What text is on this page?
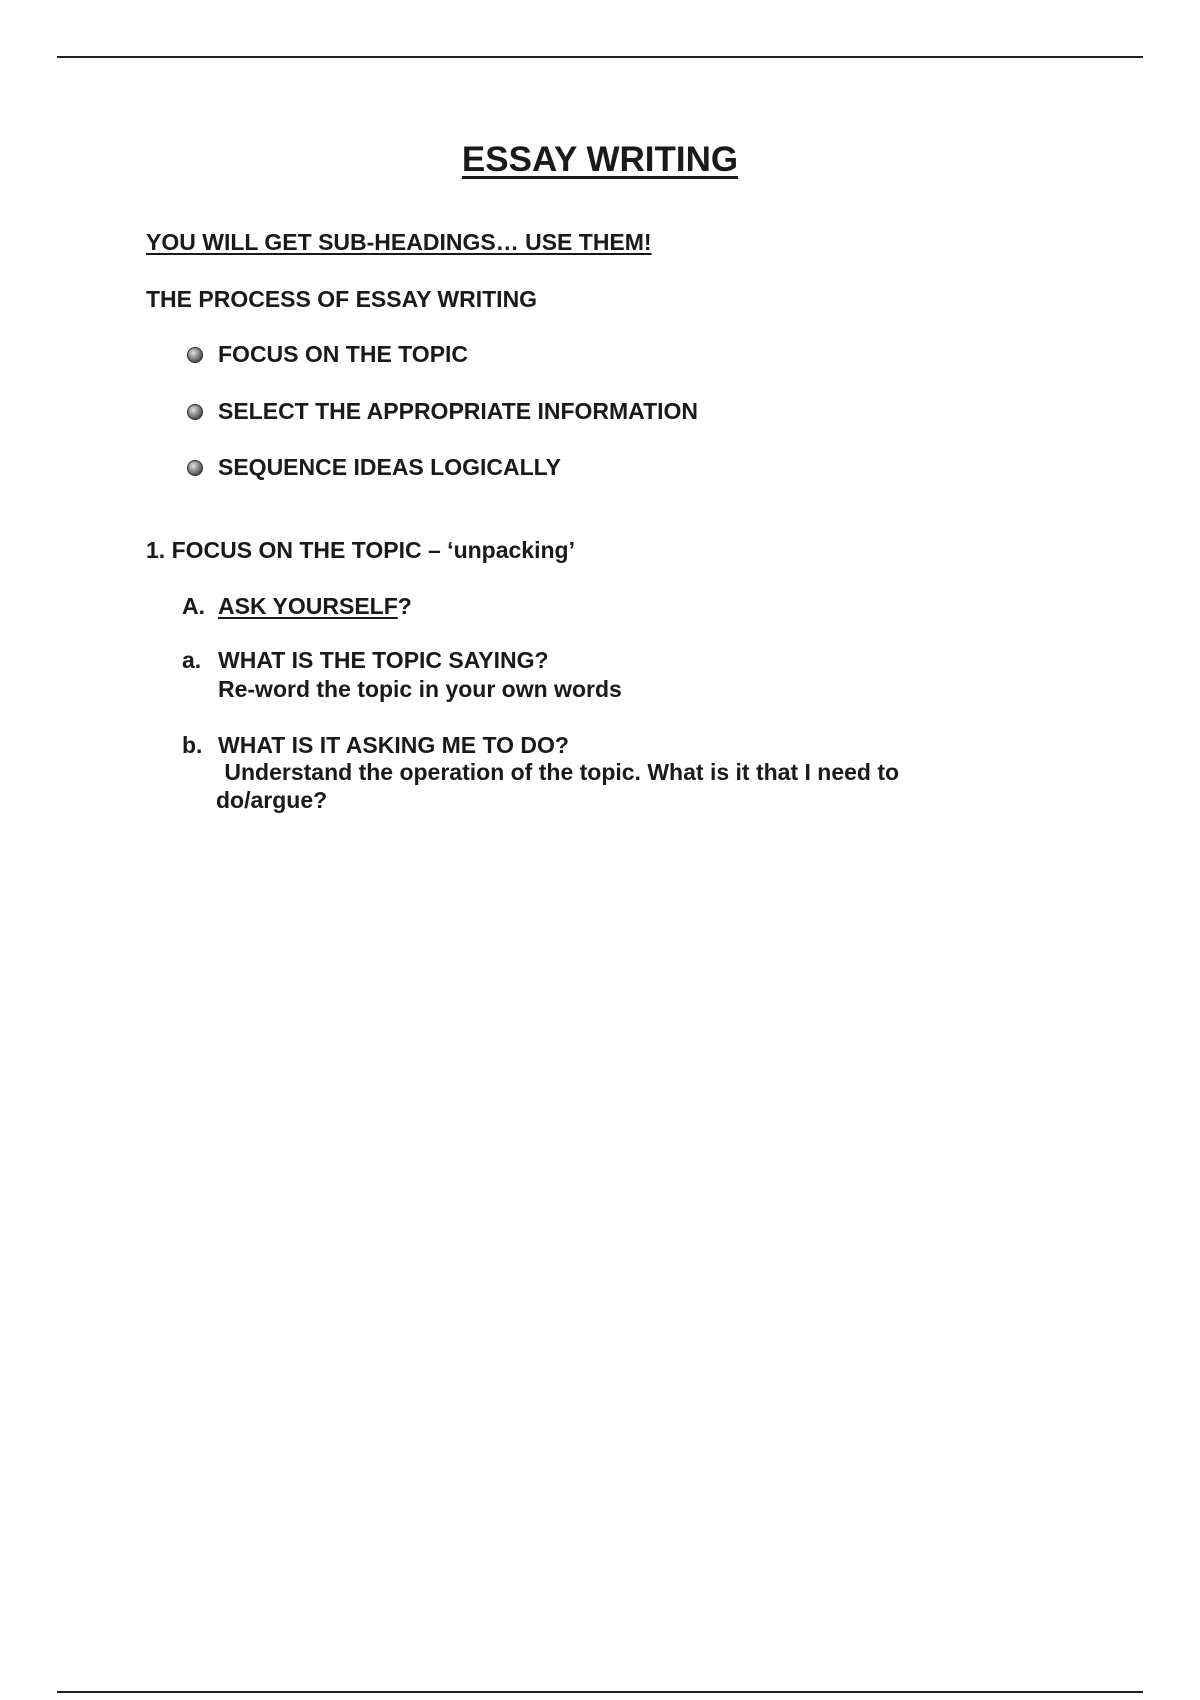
ESSAY WRITING
YOU WILL GET SUB-HEADINGS… USE THEM!
THE PROCESS OF ESSAY WRITING
FOCUS ON THE TOPIC
SELECT THE APPROPRIATE INFORMATION
SEQUENCE IDEAS LOGICALLY
1. FOCUS ON THE TOPIC – ‘unpacking’
A. ASK YOURSELF?
a. WHAT IS THE TOPIC SAYING?
Re-word the topic in your own words
b. WHAT IS IT ASKING ME TO DO?
Understand the operation of the topic. What is it that I need to
do/argue?
